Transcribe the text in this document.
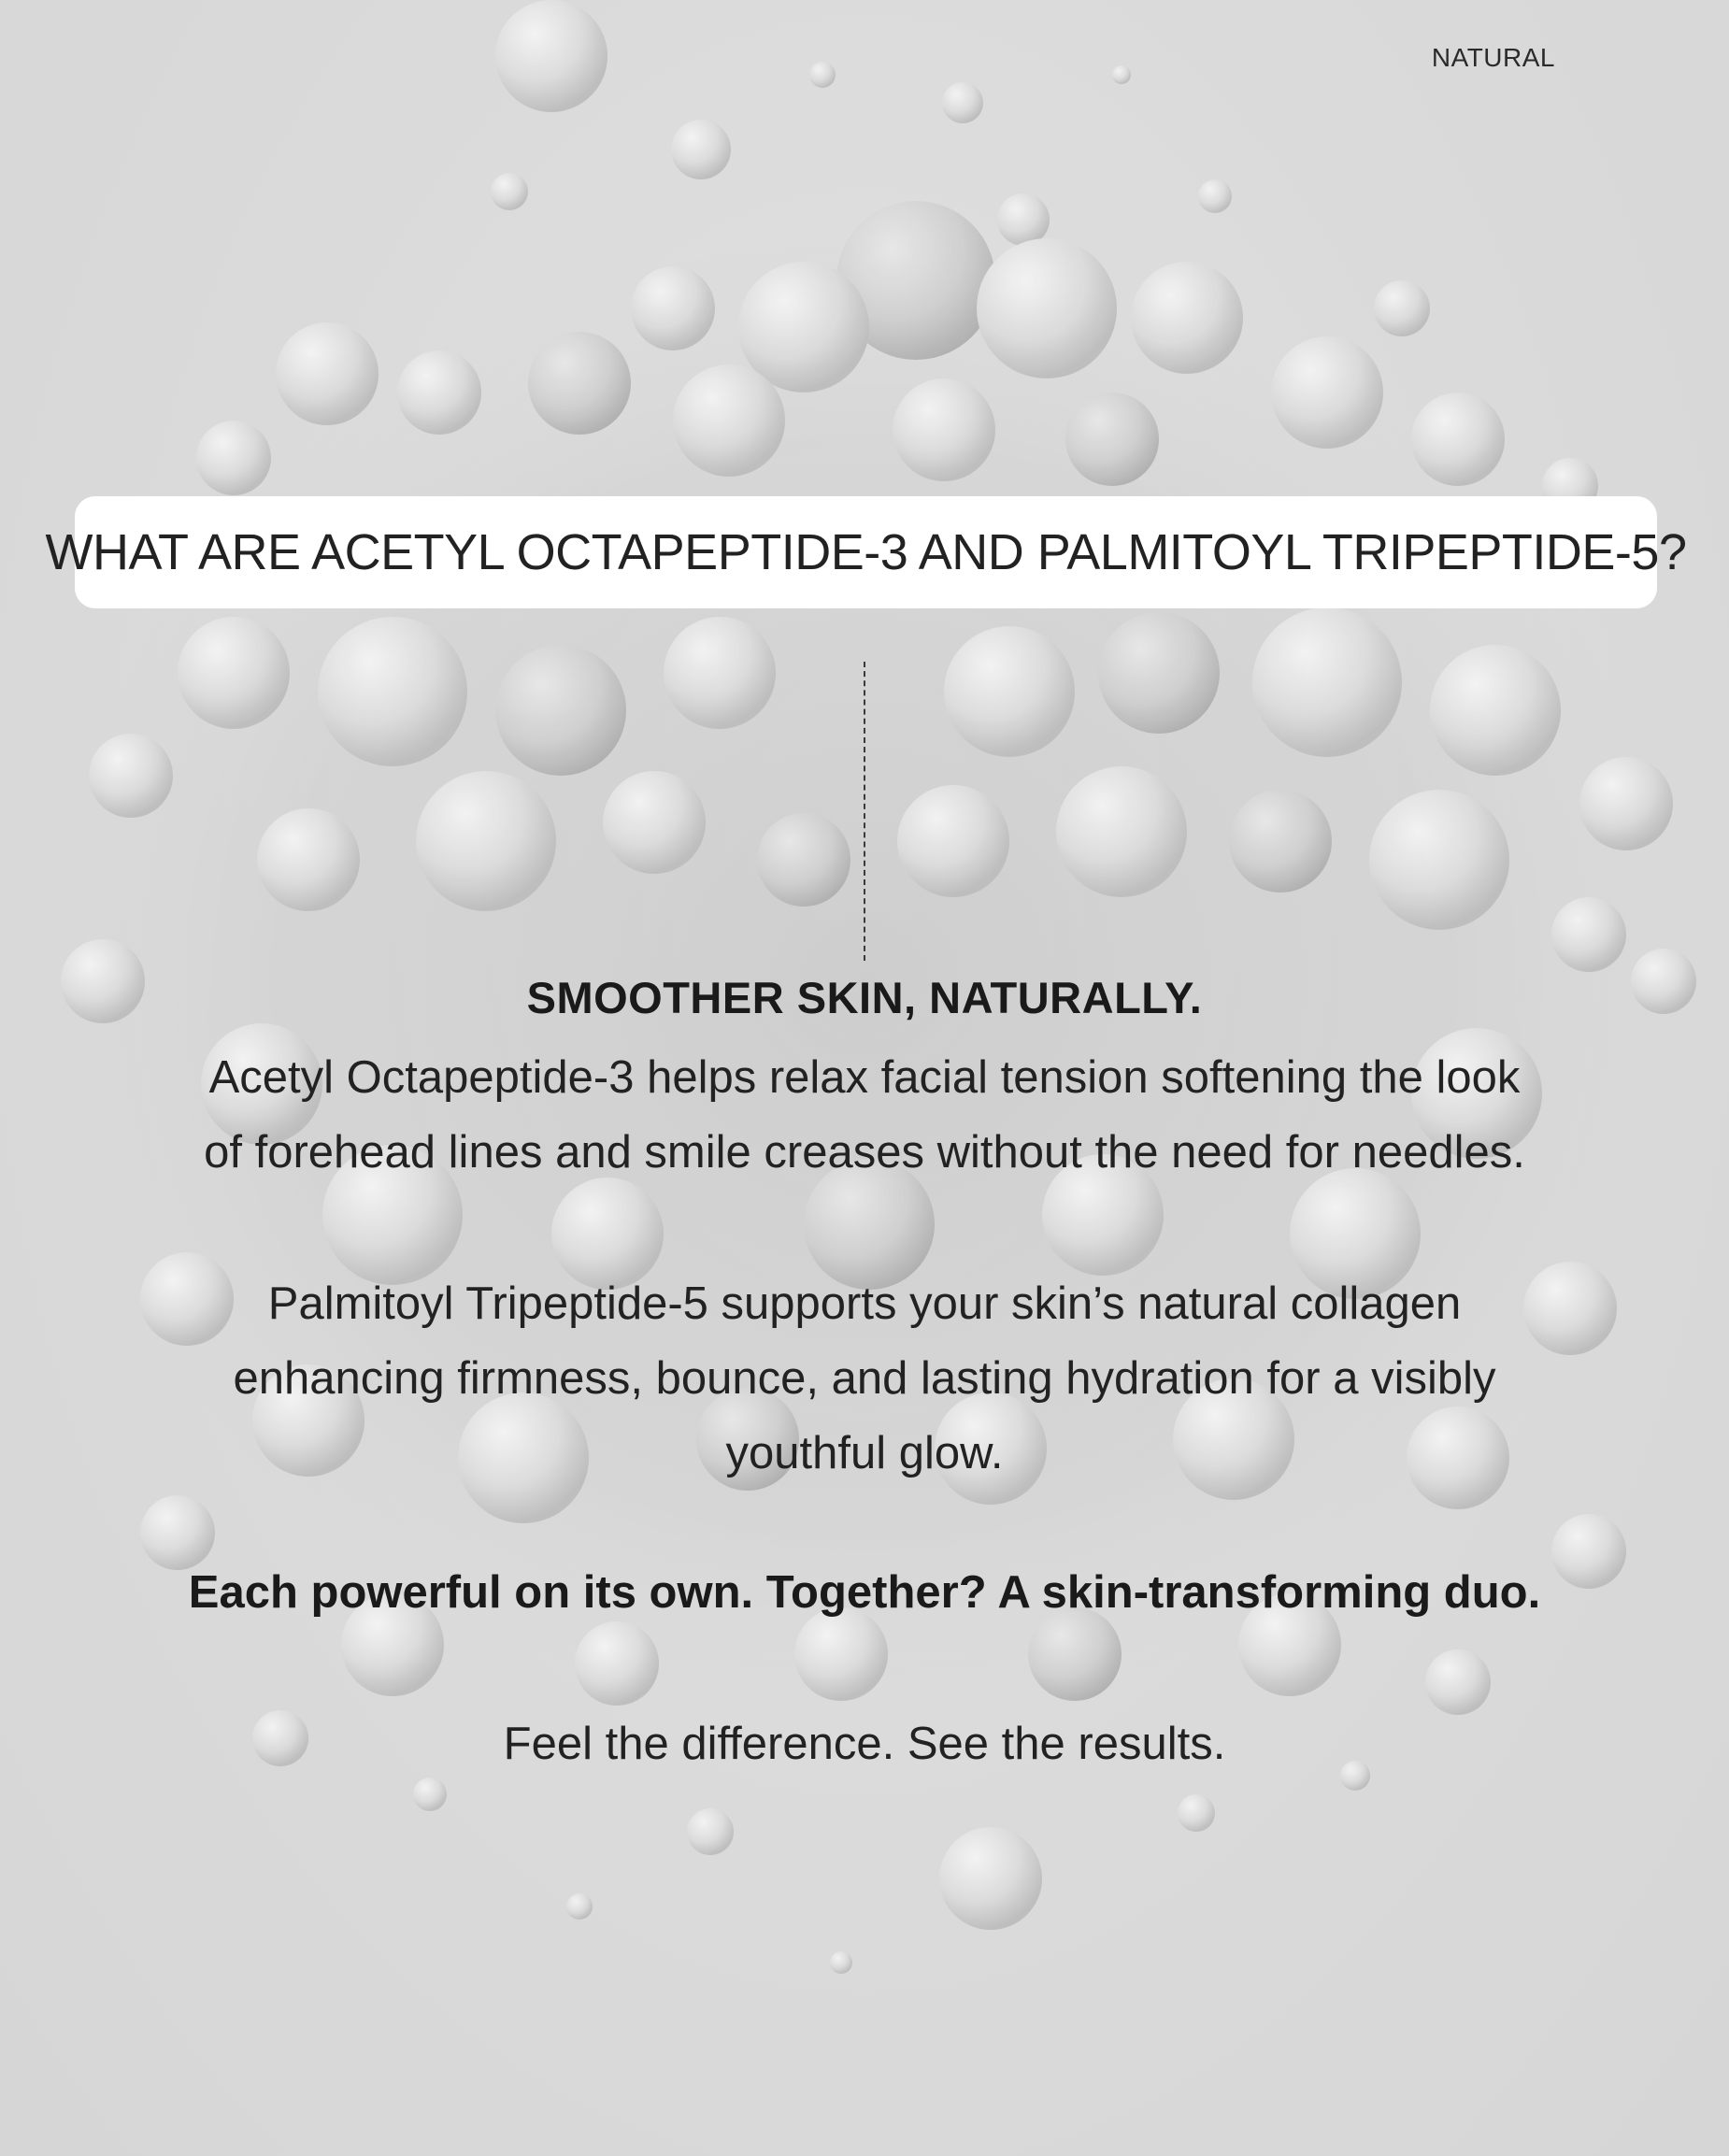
NATURAL
WHAT ARE ACETYL OCTAPEPTIDE-3 AND PALMITOYL TRIPEPTIDE-5?
SMOOTHER SKIN, NATURALLY.
Acetyl Octapeptide-3 helps relax facial tension softening the look
of forehead lines and smile creases without the need for needles.
Palmitoyl Tripeptide-5 supports your skin’s natural collagen
enhancing firmness, bounce, and lasting hydration for a visibly
youthful glow.
Each powerful on its own. Together? A skin-transforming duo.
Feel the difference. See the results.
